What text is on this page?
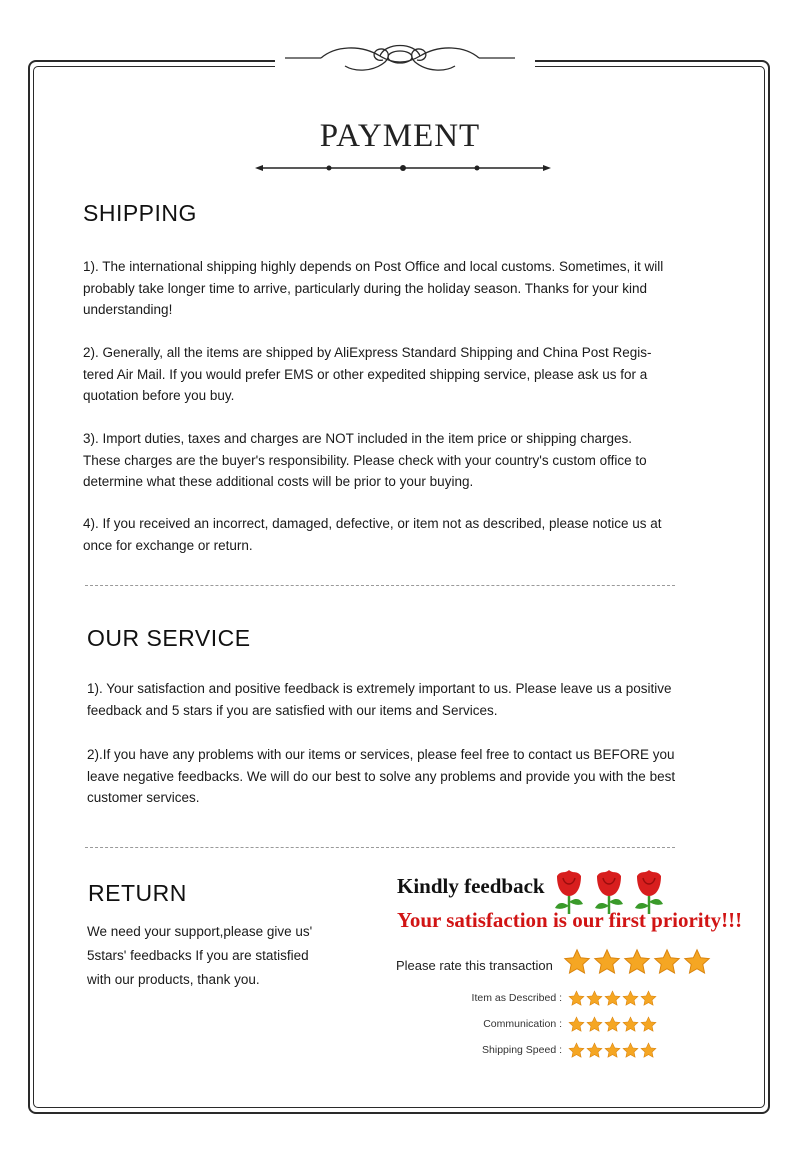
PAYMENT
SHIPPING
1). The international shipping highly depends on Post Office and local customs. Sometimes, it will
probably take longer time to arrive, particularly during the holiday season. Thanks for your kind
understanding!
2). Generally, all the items are shipped by AliExpress Standard Shipping and China Post Regis-
tered Air Mail. If you would prefer EMS or other expedited shipping service, please ask us for a
quotation before you buy.
3). Import duties, taxes and charges are NOT included in the item price or shipping charges.
These charges are the buyer's responsibility. Please check with your country's custom office to
determine what these additional costs will be prior to your buying.
4). If you received an incorrect, damaged, defective, or item not as described, please notice us at
once for exchange or return.
OUR SERVICE
1). Your satisfaction and positive feedback is extremely important to us. Please leave us a positive
feedback and 5 stars if you are satisfied with our items and Services.
2).If you have any problems with our items or services, please feel free to contact us BEFORE you
leave negative feedbacks. We will do our best to solve any problems and provide you with the best
customer services.
RETURN
We need your support,please give us'
5stars' feedbacks If you are statisfied
with our products, thank you.
Kindly feedback
Your satisfaction is our first priority!!!
Please rate this transaction
Item as Described :
Communication :
Shipping Speed :
